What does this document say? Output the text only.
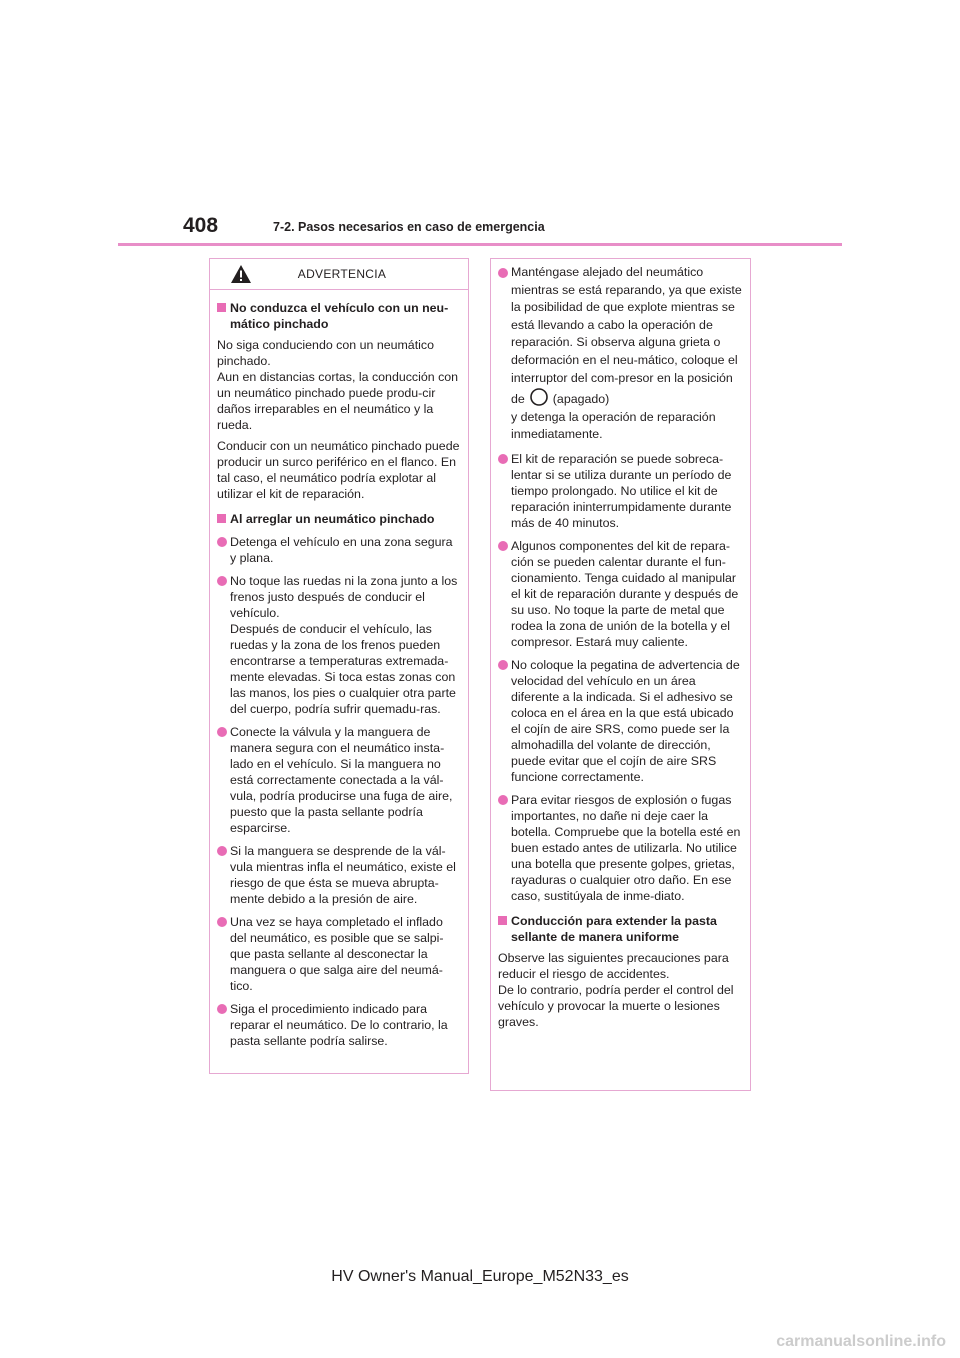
408	7-2. Pasos necesarios en caso de emergencia
ADVERTENCIA
No conduzca el vehículo con un neu-mático pinchado
No siga conduciendo con un neumático pinchado.
Aun en distancias cortas, la conducción con un neumático pinchado puede produ-cir daños irreparables en el neumático y la rueda.
Conducir con un neumático pinchado puede producir un surco periférico en el flanco. En tal caso, el neumático podría explotar al utilizar el kit de reparación.
Al arreglar un neumático pinchado
Detenga el vehículo en una zona segura y plana.
No toque las ruedas ni la zona junto a los frenos justo después de conducir el vehículo.
Después de conducir el vehículo, las ruedas y la zona de los frenos pueden encontrarse a temperaturas extremada-mente elevadas. Si toca estas zonas con las manos, los pies o cualquier otra parte del cuerpo, podría sufrir quemadu-ras.
Conecte la válvula y la manguera de manera segura con el neumático insta-lado en el vehículo. Si la manguera no está correctamente conectada a la vál-vula, podría producirse una fuga de aire, puesto que la pasta sellante podría esparcirse.
Si la manguera se desprende de la vál-vula mientras infla el neumático, existe el riesgo de que ésta se mueva abrupta-mente debido a la presión de aire.
Una vez se haya completado el inflado del neumático, es posible que se salpi-que pasta sellante al desconectar la manguera o que salga aire del neumá-tico.
Siga el procedimiento indicado para reparar el neumático. De lo contrario, la pasta sellante podría salirse.
Manténgase alejado del neumático mientras se está reparando, ya que existe la posibilidad de que explote mientras se está llevando a cabo la operación de reparación. Si observa alguna grieta o deformación en el neu-mático, coloque el interruptor del com-presor en la posición de (apagado)
y detenga la operación de reparación inmediatamente.
El kit de reparación se puede sobreca-lentar si se utiliza durante un período de tiempo prolongado. No utilice el kit de reparación ininterrumpidamente durante más de 40 minutos.
Algunos componentes del kit de repara-ción se pueden calentar durante el fun-cionamiento. Tenga cuidado al manipular el kit de reparación durante y después de su uso. No toque la parte de metal que rodea la zona de unión de la botella y el compresor. Estará muy caliente.
No coloque la pegatina de advertencia de velocidad del vehículo en un área diferente a la indicada. Si el adhesivo se coloca en el área en la que está ubicado el cojín de aire SRS, como puede ser la almohadilla del volante de dirección, puede evitar que el cojín de aire SRS funcione correctamente.
Para evitar riesgos de explosión o fugas importantes, no dañe ni deje caer la botella. Compruebe que la botella esté en buen estado antes de utilizarla. No utilice una botella que presente golpes, grietas, rayaduras o cualquier otro daño. En ese caso, sustitúyala de inme-diato.
Conducción para extender la pasta sellante de manera uniforme
Observe las siguientes precauciones para reducir el riesgo de accidentes.
De lo contrario, podría perder el control del vehículo y provocar la muerte o lesiones graves.
HV Owner's Manual_Europe_M52N33_es
carmanualsonline.info
